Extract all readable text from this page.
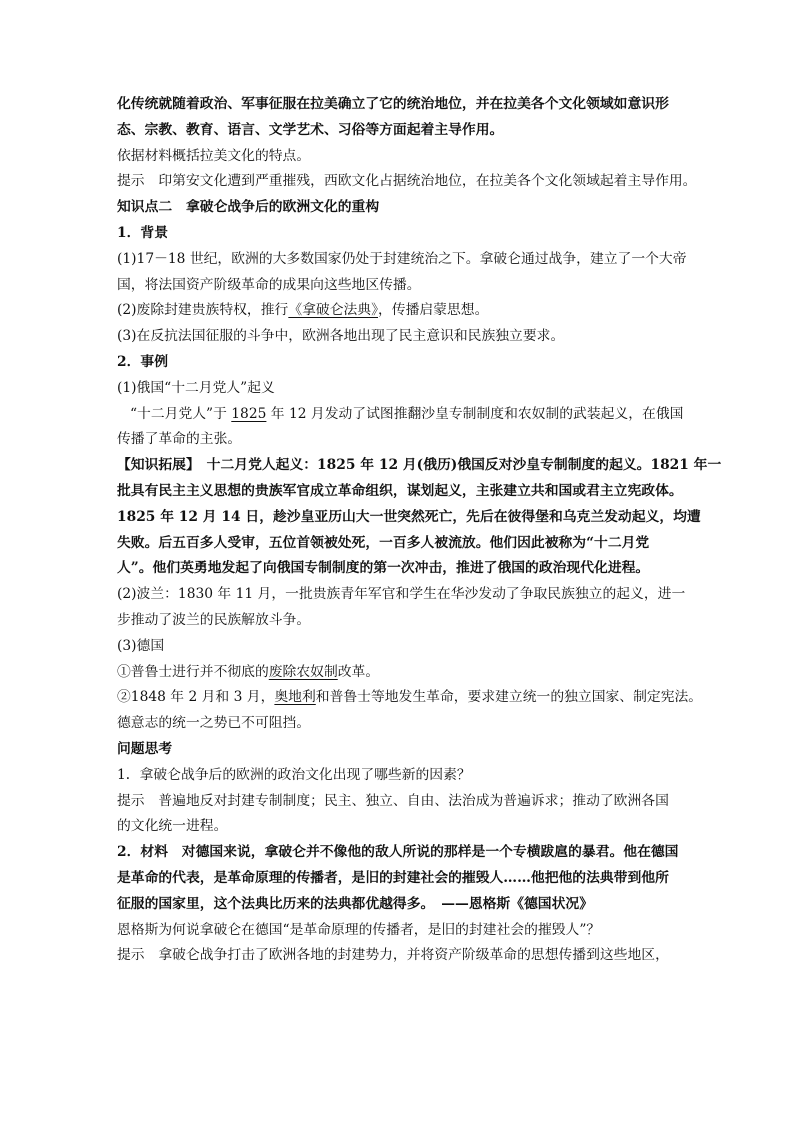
化传统就随着政治、军事征服在拉美确立了它的统治地位，并在拉美各个文化领域如意识形
态、宗教、教育、语言、文学艺术、习俗等方面起着主导作用。
依据材料概括拉美文化的特点。
提示　印第安文化遭到严重摧残，西欧文化占据统治地位，在拉美各个文化领域起着主导作用。
知识点二　拿破仑战争后的欧洲文化的重构
1．背景
(1)17－18 世纪，欧洲的大多数国家仍处于封建统治之下。拿破仑通过战争，建立了一个大帝
国，将法国资产阶级革命的成果向这些地区传播。
(2)废除封建贵族特权，推行《拿破仑法典》，传播启蒙思想。
(3)在反抗法国征服的斗争中，欧洲各地出现了民主意识和民族独立要求。
2．事例
(1)俄国“十二月党人”起义
“十二月党人”于 1825 年 12 月发动了试图推翻沙皇专制制度和农奴制的武装起义，在俄国
传播了革命的主张。
【知识拓展】　十二月党人起义：1825 年 12 月(俄历)俄国反对沙皇专制制度的起义。1821 年一
批具有民主主义思想的贵族军官成立革命组织，谋划起义，主张建立共和国或君主立宪政体。
1825 年 12 月 14 日，趁沙皇亚历山大一世突然死亡，先后在彼得堡和乌克兰发动起义，均遭
失败。后五百多人受审，五位首领被处死，一百多人被流放。他们因此被称为“十二月党
人”。他们英勇地发起了向俄国专制制度的第一次冲击，推进了俄国的政治现代化进程。
(2)波兰：1830 年 11 月，一批贵族青年军官和学生在华沙发动了争取民族独立的起义，进一
步推动了波兰的民族解放斗争。
(3)德国
①普鲁士进行并不彻底的废除农奴制改革。
②1848 年 2 月和 3 月，奥地利和普鲁士等地发生革命，要求建立统一的独立国家、制定宪法。
德意志的统一之势已不可阻挡。
问题思考
1．拿破仑战争后的欧洲的政治文化出现了哪些新的因素？
提示　普遍地反对封建专制制度；民主、独立、自由、法治成为普遍诉求；推动了欧洲各国
的文化统一进程。
2．材料　对德国来说，拿破仑并不像他的敌人所说的那样是一个专横跋扈的暴君。他在德国
是革命的代表，是革命原理的传播者，是旧的封建社会的摧毁人……他把他的法典带到他所
征服的国家里，这个法典比历来的法典都优越得多。　——恩格斯《德国状况》
恩格斯为何说拿破仑在德国“是革命原理的传播者，是旧的封建社会的摧毁人”？
提示　拿破仑战争打击了欧洲各地的封建势力，并将资产阶级革命的思想传播到这些地区，
